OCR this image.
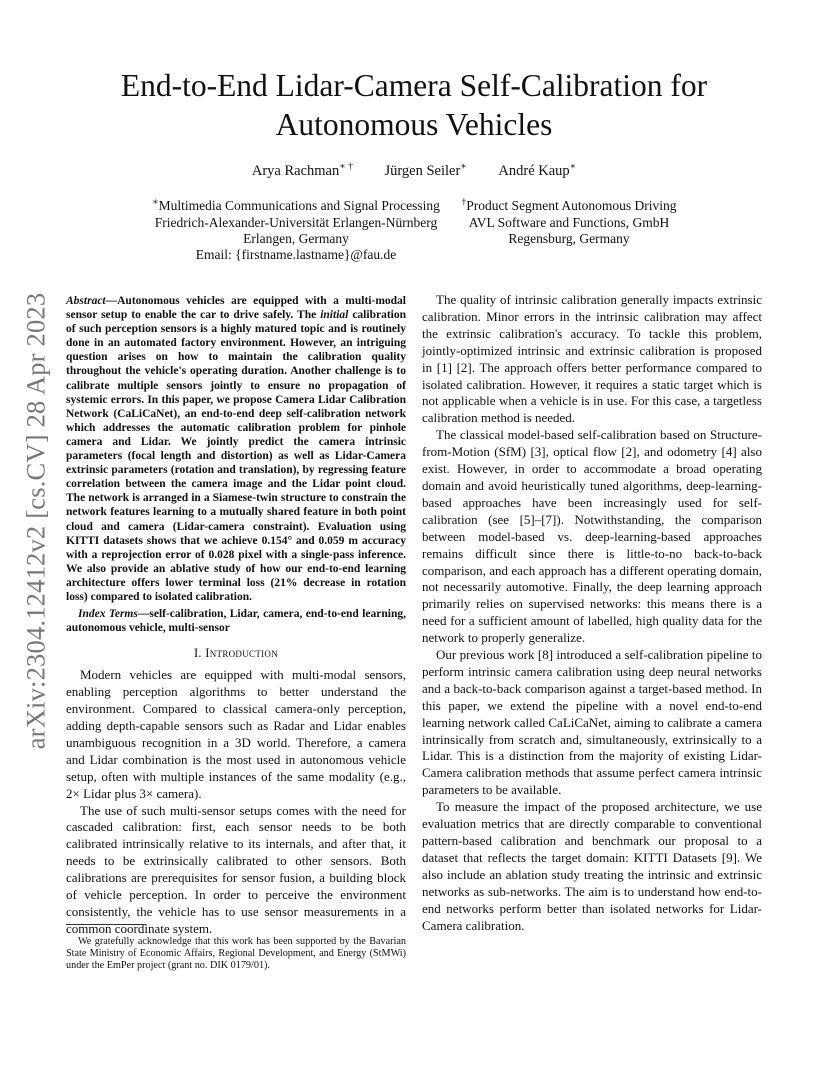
arXiv:2304.12412v2 [cs.CV] 28 Apr 2023
End-to-End Lidar-Camera Self-Calibration for Autonomous Vehicles
Arya Rachman∗ † Jürgen Seiler∗ André Kaup∗
∗Multimedia Communications and Signal Processing
Friedrich-Alexander-Universität Erlangen-Nürnberg
Erlangen, Germany
†Product Segment Autonomous Driving
AVL Software and Functions, GmbH
Regensburg, Germany
Email: {firstname.lastname}@fau.de

Abstract—Autonomous vehicles are equipped with a multi-modal sensor setup to enable the car to drive safely. The initial calibration of such perception sensors is a highly matured topic and is routinely done in an automated factory environment. However, an intriguing question arises on how to maintain the calibration quality throughout the vehicle's operating duration. Another challenge is to calibrate multiple sensors jointly to ensure no propagation of systemic errors. In this paper, we propose Camera Lidar Calibration Network (CaLiCaNet), an end-to-end deep self-calibration network which addresses the automatic calibration problem for pinhole camera and Lidar. We jointly predict the camera intrinsic parameters (focal length and distortion) as well as Lidar-Camera extrinsic parameters (rotation and translation), by regressing feature correlation between the camera image and the Lidar point cloud. The network is arranged in a Siamese-twin structure to constrain the network features learning to a mutually shared feature in both point cloud and camera (Lidar-camera constraint). Evaluation using KITTI datasets shows that we achieve 0.154° and 0.059 m accuracy with a reprojection error of 0.028 pixel with a single-pass inference. We also provide an ablative study of how our end-to-end learning architecture offers lower terminal loss (21% decrease in rotation loss) compared to isolated calibration.

Index Terms—self-calibration, Lidar, camera, end-to-end learning, autonomous vehicle, multi-sensor

I. Introduction

Modern vehicles are equipped with multi-modal sensors, enabling perception algorithms to better understand the environment. Compared to classical camera-only perception, adding depth-capable sensors such as Radar and Lidar enables unambiguous recognition in a 3D world. Therefore, a camera and Lidar combination is the most used in autonomous vehicle setup, often with multiple instances of the same modality (e.g., 2× Lidar plus 3× camera).

The use of such multi-sensor setups comes with the need for cascaded calibration: first, each sensor needs to be both calibrated intrinsically relative to its internals, and after that, it needs to be extrinsically calibrated to other sensors. Both calibrations are prerequisites for sensor fusion, a building block of vehicle perception. In order to perceive the environment consistently, the vehicle has to use sensor measurements in a common coordinate system.

We gratefully acknowledge that this work has been supported by the Bavarian State Ministry of Economic Affairs, Regional Development, and Energy (StMWi) under the EmPer project (grant no. DIK 0179/01).

The quality of intrinsic calibration generally impacts extrinsic calibration. Minor errors in the intrinsic calibration may affect the extrinsic calibration's accuracy. To tackle this problem, jointly-optimized intrinsic and extrinsic calibration is proposed in [1] [2]. The approach offers better performance compared to isolated calibration. However, it requires a static target which is not applicable when a vehicle is in use. For this case, a targetless calibration method is needed.

The classical model-based self-calibration based on Structure-from-Motion (SfM) [3], optical flow [2], and odometry [4] also exist. However, in order to accommodate a broad operating domain and avoid heuristically tuned algorithms, deep-learning-based approaches have been increasingly used for self-calibration (see [5]–[7]). Notwithstanding, the comparison between model-based vs. deep-learning-based approaches remains difficult since there is little-to-no back-to-back comparison, and each approach has a different operating domain, not necessarily automotive. Finally, the deep learning approach primarily relies on supervised networks: this means there is a need for a sufficient amount of labelled, high quality data for the network to properly generalize.

Our previous work [8] introduced a self-calibration pipeline to perform intrinsic camera calibration using deep neural networks and a back-to-back comparison against a target-based method. In this paper, we extend the pipeline with a novel end-to-end learning network called CaLiCaNet, aiming to calibrate a camera intrinsically from scratch and, simultaneously, extrinsically to a Lidar. This is a distinction from the majority of existing Lidar-Camera calibration methods that assume perfect camera intrinsic parameters to be available.

To measure the impact of the proposed architecture, we use evaluation metrics that are directly comparable to conventional pattern-based calibration and benchmark our proposal to a dataset that reflects the target domain: KITTI Datasets [9]. We also include an ablation study treating the intrinsic and extrinsic networks as sub-networks. The aim is to understand how end-to-end networks perform better than isolated networks for Lidar-Camera calibration.
